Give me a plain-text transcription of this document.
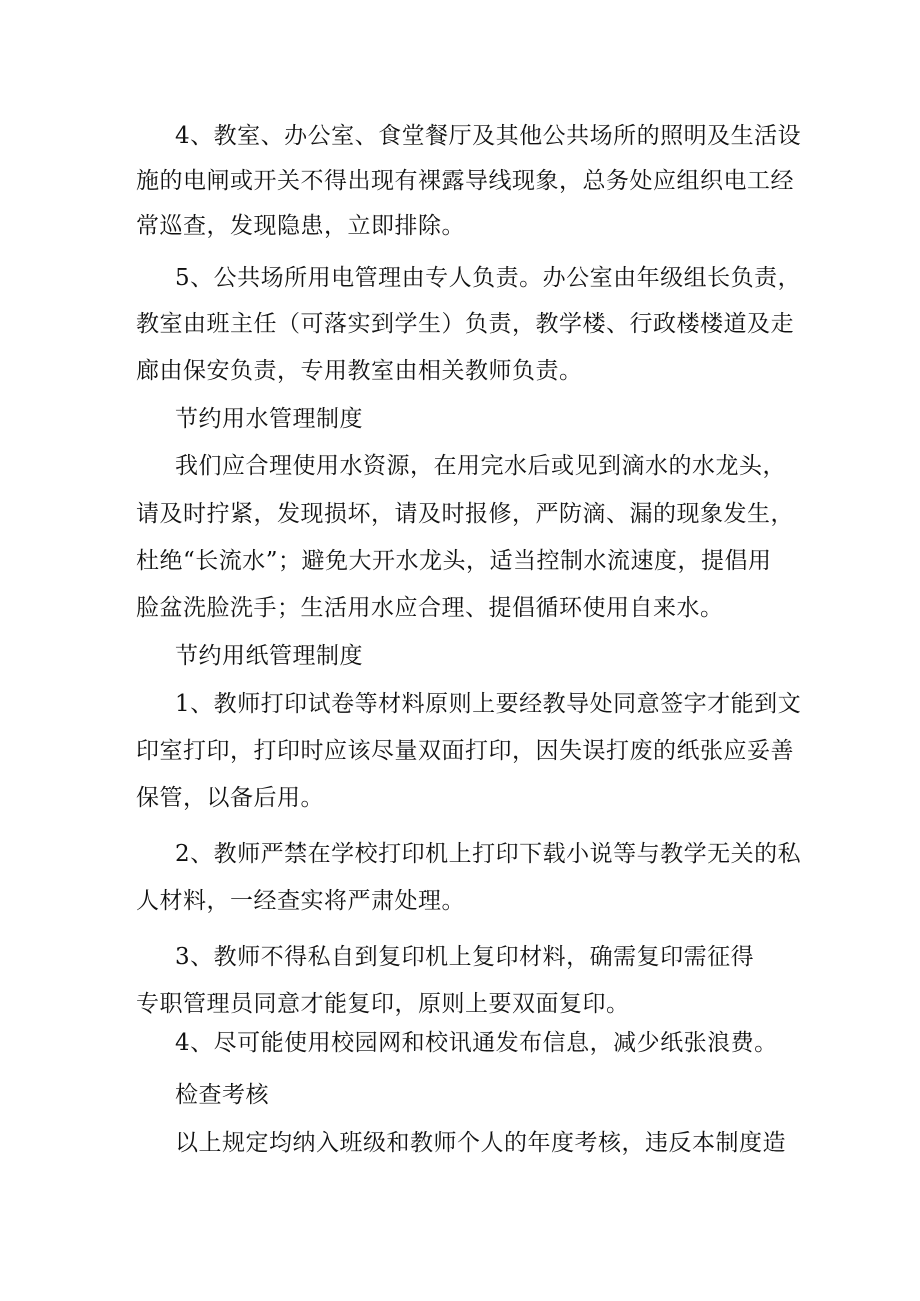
4、教室、办公室、食堂餐厅及其他公共场所的照明及生活设
施的电闸或开关不得出现有裸露导线现象，总务处应组织电工经
常巡查，发现隐患，立即排除。
5、公共场所用电管理由专人负责。办公室由年级组长负责，
教室由班主任（可落实到学生）负责，教学楼、行政楼楼道及走
廊由保安负责，专用教室由相关教师负责。
节约用水管理制度
我们应合理使用水资源，在用完水后或见到滴水的水龙头，
请及时拧紧，发现损坏，请及时报修，严防滴、漏的现象发生，
杜绝“长流水”；避免大开水龙头，适当控制水流速度，提倡用
脸盆洗脸洗手；生活用水应合理、提倡循环使用自来水。
节约用纸管理制度
1、教师打印试卷等材料原则上要经教导处同意签字才能到文
印室打印，打印时应该尽量双面打印，因失误打废的纸张应妥善
保管，以备后用。
2、教师严禁在学校打印机上打印下载小说等与教学无关的私
人材料，一经查实将严肃处理。
3、教师不得私自到复印机上复印材料，确需复印需征得
专职管理员同意才能复印，原则上要双面复印。
4、尽可能使用校园网和校讯通发布信息，减少纸张浪费。
检查考核
以上规定均纳入班级和教师个人的年度考核，违反本制度造
